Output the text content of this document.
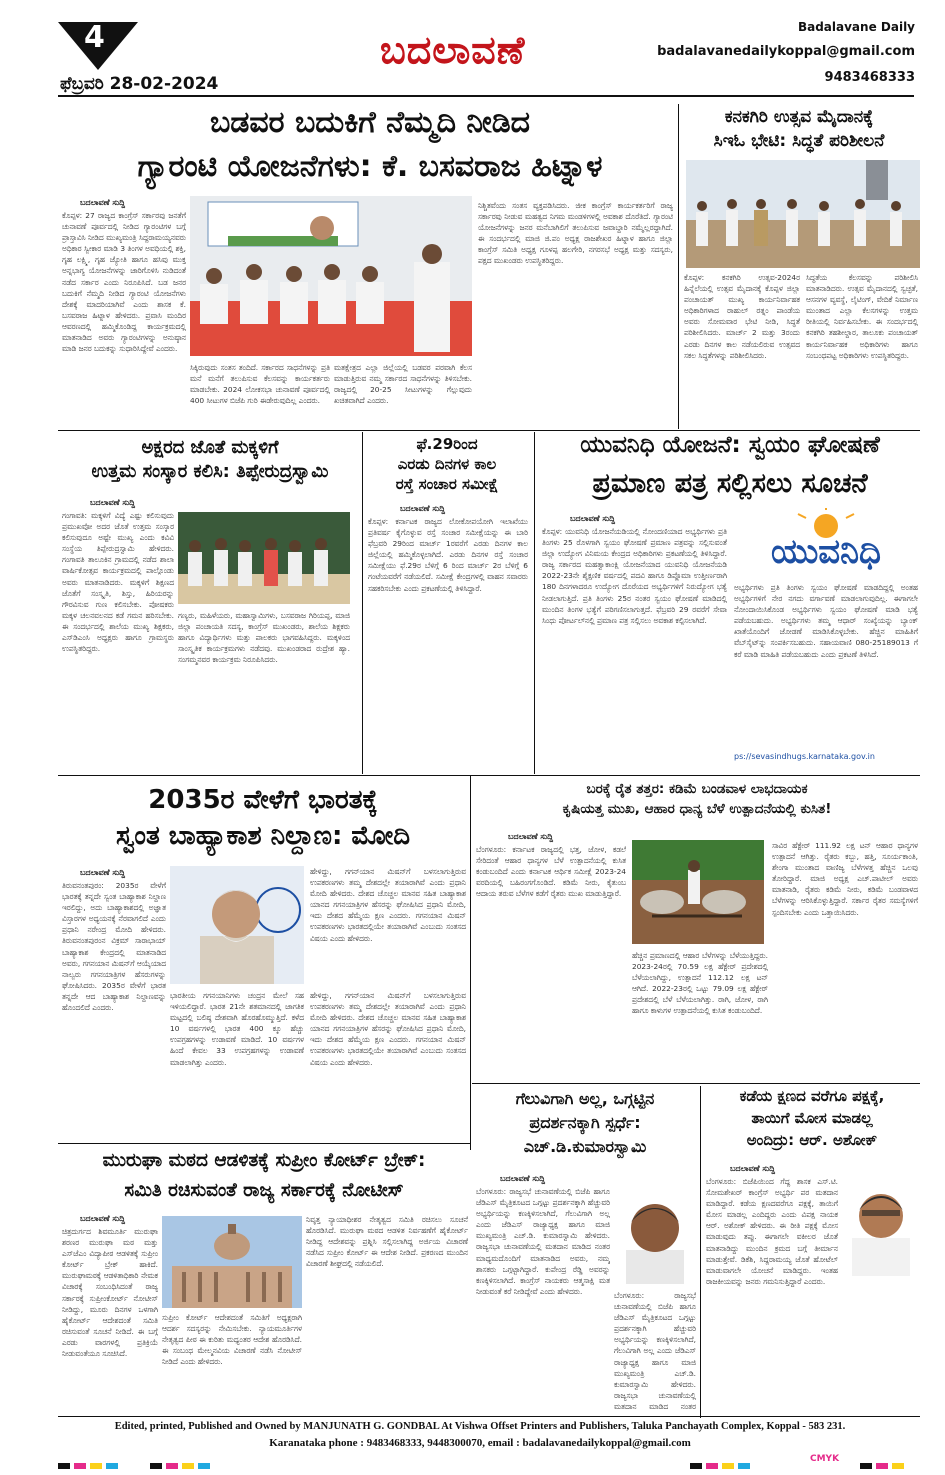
4	ಬದಲಾವಣೆ
ಫೆಬ್ರವರಿ 28-02-2024
Badalavane Daily
badalavanedailykoppal@gmail.com
9483468333
ಬಡವರ ಬದುಕಿಗೆ ನೆಮ್ಮದಿ ನೀಡಿದ
ಗ್ಯಾರಂಟಿ ಯೋಜನೆಗಳು: ಕೆ. ಬಸವರಾಜ ಹಿಟ್ನಾಳ
ಬದಲಾವಣೆ ಸುದ್ದಿ
ಕೊಪ್ಪಳ: 27 ರಾಜ್ಯದ ಕಾಂಗ್ರೆಸ್ ಸರ್ಕಾರವು ಜನತೆಗೆ ಚುನಾವಣೆ ಪೂರ್ವದಲ್ಲಿ ನೀಡಿದ ಗ್ಯಾರಂಟಿಗಳ ಬಗ್ಗೆ ಪ್ರಾಸ್ತಾವಿಸಿ ನೀಡಿದ ಮುಖ್ಯಮಂತ್ರಿ ಸಿದ್ದರಾಮಯ್ಯನವರು ಅಧಿಕಾರ ಸ್ವೀಕಾರ ಮಾಡಿ 3 ತಿಂಗಳ ಅವಧಿಯಲ್ಲಿ ಶಕ್ತಿ, ಗೃಹ ಲಕ್ಷ್ಮಿ, ಗೃಹ ಜ್ಯೋತಿ ಹಾಗೂ ಹಸಿವು ಮುಕ್ತ ಅನ್ನಭಾಗ್ಯ ಯೋಜನೆಗಳನ್ನು ಜಾರಿಗೊಳಿಸಿ ನುಡಿದಂತೆ ನಡೆದ ಸರ್ಕಾರ ಎಂದು ನಿರೂಪಿಸಿದೆ. ಬಡ ಜನರ ಬದುಕಿಗೆ ನೆಮ್ಮದಿ ನೀಡಿದ ಗ್ಯಾರಂಟಿ ಯೋಜನೆಗಳು ದೇಶಕ್ಕೆ ಮಾದರಿಯಾಗಿವೆ ಎಂದು ಶಾಸಕ ಕೆ. ಬಸವರಾಜ ಹಿಟ್ನಾಳ ಹೇಳಿದರು. ಪ್ರವಾಸಿ ಮಂದಿರ ಆವರಣದಲ್ಲಿ ಹಮ್ಮಿಕೊಂಡಿದ್ದ ಕಾರ್ಯಕ್ರಮದಲ್ಲಿ ಮಾತನಾಡಿದ ಅವರು ಗ್ಯಾರಂಟಿಗಳನ್ನು ಅನುಷ್ಠಾನ ಮಾಡಿ ಜನರ ಬದುಕನ್ನು ಸುಧಾರಿಸಿದ್ದೇವೆ ಎಂದರು.
ಸಿಕ್ಕಿರುವುದು ಸಂತಸ ತಂದಿದೆ. ಸರ್ಕಾರದ ಸಾಧನೆಗಳನ್ನು ಪ್ರತಿ ಮನೆ ಮನೆಗೆ ತಲುಪಿಸುವ ಕೆಲಸವನ್ನು ಕಾರ್ಯಕರ್ತರು ಮಾಡಬೇಕು. 2024 ಲೋಕಸಭಾ ಚುನಾವಣೆ ಪೂರ್ವದಲ್ಲಿ 400 ಸೀಟುಗಳ ಬಿಜೆಪಿ ಗುರಿ ಈಡೇರುವುದಿಲ್ಲ ಎಂದರು.
ಮತಕ್ಷೇತ್ರದ ಎಲ್ಲಾ ಜಿಲ್ಲೆಯಲ್ಲಿ ಬಡವರ ಪರವಾಗಿ ಕೆಲಸ ಮಾಡುತ್ತಿರುವ ನಮ್ಮ ಸರ್ಕಾರದ ಸಾಧನೆಗಳನ್ನು ತಿಳಿಸಬೇಕು. ರಾಜ್ಯದಲ್ಲಿ 20-25 ಸೀಟುಗಳನ್ನು ಗೆಲ್ಲುವುದು ಖಚಿತವಾಗಿದೆ ಎಂದರು.
ನಿಶ್ಚಿತವೆಂದು ಸಂತಸ ವ್ಯಕ್ತಪಡಿಸಿದರು. ಜೀಕ ಕಾಂಗ್ರೆಸ್ ಕಾರ್ಯಕರ್ತರಿಗೆ ರಾಜ್ಯ ಸರ್ಕಾರವು ನೀಡುವ ಮಹತ್ವದ ನಿಗಮ ಮಂಡಳಿಗಳಲ್ಲಿ ಅವಕಾಶ ದೊರೆತಿದೆ. ಗ್ಯಾರಂಟಿ ಯೋಜನೆಗಳನ್ನು ಜನರ ಮನೆಬಾಗಿಲಿಗೆ ತಲುಪಿಸುವ ಜವಾಬ್ದಾರಿ ನಮ್ಮೆಲ್ಲರದ್ದಾಗಿದೆ. ಈ ಸಂದರ್ಭದಲ್ಲಿ ಮಾಜಿ ಜಿ.ಪಂ ಅಧ್ಯಕ್ಷ ರಾಜಶೇಖರ ಹಿಟ್ನಾಳ ಹಾಗೂ ಜಿಲ್ಲಾ ಕಾಂಗ್ರೆಸ್ ಸಮಿತಿ ಅಧ್ಯಕ್ಷ ಗೂಳಪ್ಪ ಹಲಗೇರಿ, ನಗರಸಭೆ ಅಧ್ಯಕ್ಷ ಮತ್ತು ಸದಸ್ಯರು, ಪಕ್ಷದ ಮುಖಂಡರು ಉಪಸ್ಥಿತರಿದ್ದರು.
ಕನಕಗಿರಿ ಉತ್ಸವ ಮೈದಾನಕ್ಕೆ
ಸಿಇಓ ಭೇಟಿ: ಸಿದ್ಧತೆ ಪರಿಶೀಲನೆ
ಕೊಪ್ಪಳ: ಕನಕಗಿರಿ ಉತ್ಸವ-2024ರ ಹಿನ್ನೆಲೆಯಲ್ಲಿ ಉತ್ಸವ ಮೈದಾನಕ್ಕೆ ಕೊಪ್ಪಳ ಜಿಲ್ಲಾ ಪಂಚಾಯತ್ ಮುಖ್ಯ ಕಾರ್ಯನಿರ್ವಾಹಕ ಅಧಿಕಾರಿಗಳಾದ ರಾಹುಲ್ ರತ್ನಂ ಪಾಂಡೆಯ ಅವರು ಸೋಮವಾರ ಭೇಟಿ ನೀಡಿ, ಸಿದ್ಧತೆ ಪರಿಶೀಲಿಸಿದರು. ಮಾರ್ಚ್ 2 ಮತ್ತು 3ರಂದು ಎರಡು ದಿನಗಳ ಕಾಲ ನಡೆಯಲಿರುವ ಉತ್ಸವದ ಸಕಲ ಸಿದ್ಧತೆಗಳನ್ನು ಪರಿಶೀಲಿಸಿದರು.
ಸಿದ್ಧತೆಯ ಕೆಲಸವನ್ನು ಪರಿಶೀಲಿಸಿ ಮಾತನಾಡಿದರು. ಉತ್ಸವ ಮೈದಾನದಲ್ಲಿ ಸ್ವಚ್ಛತೆ, ಆಸನಗಳ ವ್ಯವಸ್ಥೆ, ಲೈಟಿಂಗ್, ವೇದಿಕೆ ನಿರ್ಮಾಣ ಮುಂತಾದ ಎಲ್ಲಾ ಕೆಲಸಗಳನ್ನು ಉತ್ತಮ ರೀತಿಯಲ್ಲಿ ನಿರ್ವಹಿಸಬೇಕು. ಈ ಸಂದರ್ಭದಲ್ಲಿ ಕನಕಗಿರಿ ತಹಶೀಲ್ದಾರ, ತಾಲೂಕು ಪಂಚಾಯತ್ ಕಾರ್ಯನಿರ್ವಾಹಕ ಅಧಿಕಾರಿಗಳು ಹಾಗೂ ಸಂಬಂಧಪಟ್ಟ ಅಧಿಕಾರಿಗಳು ಉಪಸ್ಥಿತರಿದ್ದರು.
ಅಕ್ಷರದ ಜೊತೆ ಮಕ್ಕಳಿಗೆ
ಉತ್ತಮ ಸಂಸ್ಕಾರ ಕಲಿಸಿ: ತಿಪ್ಪೇರುದ್ರಸ್ವಾಮಿ
ಬದಲಾವಣೆ ಸುದ್ದಿ
ಗಂಗಾವತಿ: ಮಕ್ಕಳಿಗೆ ವಿದ್ಯೆ ಎಷ್ಟು ಕಲಿಸುವುದು ಪ್ರಮುಖವೋ ಅದರ ಜೊತೆ ಉತ್ತಮ ಸಂಸ್ಕಾರ ಕಲಿಸುವುದೂ ಅಷ್ಟೇ ಮುಖ್ಯ ಎಂದು ಕವಿವಿ ಸಂಸ್ಥೆಯ ತಿಪ್ಪೇರುದ್ರಸ್ವಾಮಿ ಹೇಳಿದರು. ಗಂಗಾವತಿ ತಾಲೂಕಿನ ಗ್ರಾಮದಲ್ಲಿ ನಡೆದ ಶಾಲಾ ವಾರ್ಷಿಕೋತ್ಸವ ಕಾರ್ಯಕ್ರಮದಲ್ಲಿ ಪಾಲ್ಗೊಂಡು ಅವರು ಮಾತನಾಡಿದರು. ಮಕ್ಕಳಿಗೆ ಶಿಕ್ಷಣದ ಜೊತೆಗೆ ಸಂಸ್ಕೃತಿ, ಶಿಸ್ತು, ಹಿರಿಯರನ್ನು ಗೌರವಿಸುವ ಗುಣ ಕಲಿಸಬೇಕು. ಪೋಷಕರು ಮಕ್ಕಳ ಚಲನವಲನದ ಕಡೆ ಗಮನ ಹರಿಸಬೇಕು. ಈ ಸಂದರ್ಭದಲ್ಲಿ ಶಾಲೆಯ ಮುಖ್ಯ ಶಿಕ್ಷಕರು, ಎಸ್‌ಡಿಎಂಸಿ ಅಧ್ಯಕ್ಷರು ಹಾಗೂ ಗ್ರಾಮಸ್ಥರು ಉಪಸ್ಥಿತರಿದ್ದರು.
ಗಣ್ಯರು, ಮಹಿಳೆಯರು, ಮಹಾಸ್ವಾಮಿಗಳು, ಬಸವರಾಜ ಗಿರಿಯಪ್ಪ, ಮಾಜಿ ಜಿಲ್ಲಾ ಪಂಚಾಯತಿ ಸದಸ್ಯ, ಕಾಂಗ್ರೆಸ್ ಮುಖಂಡರು, ಶಾಲೆಯ ಶಿಕ್ಷಕರು ಹಾಗೂ ವಿದ್ಯಾರ್ಥಿಗಳು ಮತ್ತು ಪಾಲಕರು ಭಾಗವಹಿಸಿದ್ದರು. ಮಕ್ಕಳಿಂದ ಸಾಂಸ್ಕೃತಿಕ ಕಾರ್ಯಕ್ರಮಗಳು ನಡೆದವು. ಮುಖಂಡರಾದ ರುದ್ರೇಶ ಹ್ಯಾ. ಸಂಗಮ್ಮನವರ ಕಾರ್ಯಕ್ರಮ ನಿರೂಪಿಸಿದರು.
ಫೆ.29ರಿಂದ
ಎರಡು ದಿನಗಳ ಕಾಲ
ರಸ್ತೆ ಸಂಚಾರ ಸಮೀಕ್ಷೆ
ಬದಲಾವಣೆ ಸುದ್ದಿ
ಕೊಪ್ಪಳ: ಕರ್ನಾಟಕ ರಾಜ್ಯದ ಲೋಕೋಪಯೋಗಿ ಇಲಾಖೆಯು ಪ್ರತಿವರ್ಷ ಕೈಗೊಳ್ಳುವ ರಸ್ತೆ ಸಂಚಾರ ಸಮೀಕ್ಷೆಯನ್ನು ಈ ಬಾರಿ ಫೆಬ್ರವರಿ 29ರಿಂದ ಮಾರ್ಚ್ 1ರವರೆಗೆ ಎರಡು ದಿನಗಳ ಕಾಲ ಜಿಲ್ಲೆಯಲ್ಲಿ ಹಮ್ಮಿಕೊಳ್ಳಲಾಗಿದೆ. ಎರಡು ದಿನಗಳ ರಸ್ತೆ ಸಂಚಾರ ಸಮೀಕ್ಷೆಯು ಫೆ.29ರ ಬೆಳಿಗ್ಗೆ 6 ರಿಂದ ಮಾರ್ಚ್ 2ರ ಬೆಳಿಗ್ಗೆ 6 ಗಂಟೆಯವರೆಗೆ ನಡೆಯಲಿದೆ. ಸಮೀಕ್ಷೆ ಕೇಂದ್ರಗಳಲ್ಲಿ ವಾಹನ ಸವಾರರು ಸಹಕರಿಸಬೇಕು ಎಂದು ಪ್ರಕಟಣೆಯಲ್ಲಿ ತಿಳಿಸಿದ್ದಾರೆ.
ಯುವನಿಧಿ ಯೋಜನೆ: ಸ್ವಯಂ ಘೋಷಣೆ
ಪ್ರಮಾಣ ಪತ್ರ ಸಲ್ಲಿಸಲು ಸೂಚನೆ
ಬದಲಾವಣೆ ಸುದ್ದಿ
ಕೊಪ್ಪಳ: ಯುವನಿಧಿ ಯೋಜನೆಯಡಿಯಲ್ಲಿ ನೋಂದಣಿಯಾದ ಅಭ್ಯರ್ಥಿಗಳು ಪ್ರತಿ ತಿಂಗಳು 25 ರೊಳಗಾಗಿ ಸ್ವಯಂ ಘೋಷಣೆ ಪ್ರಮಾಣ ಪತ್ರವನ್ನು ಸಲ್ಲಿಸುವಂತೆ ಜಿಲ್ಲಾ ಉದ್ಯೋಗ ವಿನಿಮಯ ಕೇಂದ್ರದ ಅಧಿಕಾರಿಗಳು ಪ್ರಕಟಣೆಯಲ್ಲಿ ತಿಳಿಸಿದ್ದಾರೆ. ರಾಜ್ಯ ಸರ್ಕಾರದ ಮಹತ್ವಾಕಾಂಕ್ಷಿ ಯೋಜನೆಯಾದ ಯುವನಿಧಿ ಯೋಜನೆಯಡಿ 2022-23ನೇ ಶೈಕ್ಷಣಿಕ ವರ್ಷದಲ್ಲಿ ಪದವಿ ಹಾಗೂ ಡಿಪ್ಲೊಮಾ ಉತ್ತೀರ್ಣರಾಗಿ 180 ದಿನಗಳಾದರೂ ಉದ್ಯೋಗ ದೊರೆಯದ ಅಭ್ಯರ್ಥಿಗಳಿಗೆ ನಿರುದ್ಯೋಗ ಭತ್ಯೆ ನೀಡಲಾಗುತ್ತಿದೆ. ಪ್ರತಿ ತಿಂಗಳು 25ರ ನಂತರ ಸ್ವಯಂ ಘೋಷಣೆ ಮಾಡಿದಲ್ಲಿ ಮುಂದಿನ ತಿಂಗಳ ಭತ್ಯೆಗೆ ಪರಿಗಣಿಸಲಾಗುತ್ತದೆ. ಫೆಬ್ರವರಿ 29 ರವರೆಗೆ ಸೇವಾ ಸಿಂಧು ಪೋರ್ಟಲ್‌ನಲ್ಲಿ ಪ್ರಮಾಣ ಪತ್ರ ಸಲ್ಲಿಸಲು ಅವಕಾಶ ಕಲ್ಪಿಸಲಾಗಿದೆ.
ಯುವನಿಧಿ
ಅಭ್ಯರ್ಥಿಗಳು ಪ್ರತಿ ತಿಂಗಳು ಸ್ವಯಂ ಘೋಷಣೆ ಮಾಡದಿದ್ದಲ್ಲಿ ಅಂತಹ ಅಭ್ಯರ್ಥಿಗಳಿಗೆ ನೇರ ನಗದು ವರ್ಗಾವಣೆ ಮಾಡಲಾಗುವುದಿಲ್ಲ. ಈಗಾಗಲೇ ನೋಂದಾಯಿಸಿಕೊಂಡ ಅಭ್ಯರ್ಥಿಗಳು ಸ್ವಯಂ ಘೋಷಣೆ ಮಾಡಿ ಭತ್ಯೆ ಪಡೆಯಬಹುದು. ಅಭ್ಯರ್ಥಿಗಳು ತಮ್ಮ ಆಧಾರ್ ಸಂಖ್ಯೆಯನ್ನು ಬ್ಯಾಂಕ್ ಖಾತೆಯೊಂದಿಗೆ ಜೋಡಣೆ ಮಾಡಿಸಿಕೊಳ್ಳಬೇಕು. ಹೆಚ್ಚಿನ ಮಾಹಿತಿಗೆ ವೆಬ್‌ಸೈಟ್‌ನ್ನು ಸಂಪರ್ಕಿಸಬಹುದು. ಸಹಾಯವಾಣಿ 080-25189013 ಗೆ ಕರೆ ಮಾಡಿ ಮಾಹಿತಿ ಪಡೆಯಬಹುದು ಎಂದು ಪ್ರಕಟಣೆ ತಿಳಿಸಿದೆ.
ps://sevasindhugs.karnataka.gov.in
2035ರ ವೇಳೆಗೆ ಭಾರತಕ್ಕೆ
ಸ್ವಂತ ಬಾಹ್ಯಾಕಾಶ ನಿಲ್ದಾಣ: ಮೋದಿ
ಬದಲಾವಣೆ ಸುದ್ದಿ
ತಿರುವನಂತಪುರಂ: 2035ರ ವೇಳೆಗೆ ಭಾರತಕ್ಕೆ ತನ್ನದೇ ಸ್ವಂತ ಬಾಹ್ಯಾಕಾಶ ನಿಲ್ದಾಣ ಇರಲಿದ್ದು, ಅದು ಬಾಹ್ಯಾಕಾಶದಲ್ಲಿ ಅಜ್ಞಾತ ವಿಸ್ತಾರಗಳ ಅಧ್ಯಯನಕ್ಕೆ ನೆರವಾಗಲಿದೆ ಎಂದು ಪ್ರಧಾನಿ ನರೇಂದ್ರ ಮೋದಿ ಹೇಳಿದರು. ತಿರುವನಂತಪುರಂನ ವಿಕ್ರಮ್ ಸಾರಾಭಾಯ್ ಬಾಹ್ಯಾಕಾಶ ಕೇಂದ್ರದಲ್ಲಿ ಮಾತನಾಡಿದ ಅವರು, ಗಗನಯಾನ ಮಿಷನ್‌ಗೆ ಆಯ್ಕೆಯಾದ ನಾಲ್ವರು ಗಗನಯಾತ್ರಿಗಳ ಹೆಸರುಗಳನ್ನು ಘೋಷಿಸಿದರು. 2035ರ ವೇಳೆಗೆ ಭಾರತ ತನ್ನದೇ ಆದ ಬಾಹ್ಯಾಕಾಶ ನಿಲ್ದಾಣವನ್ನು ಹೊಂದಲಿದೆ ಎಂದರು.
ಹೇಳಿದ್ದು, ಗಗನ್‌ಯಾನ ಮಿಷನ್‌ಗೆ ಬಳಸಲಾಗುತ್ತಿರುವ ಉಪಕರಣಗಳು ತಮ್ಮ ದೇಶದಲ್ಲೇ ತಯಾರಾಗಿವೆ ಎಂದು ಪ್ರಧಾನಿ ಮೋದಿ ಹೇಳಿದರು. ದೇಶದ ಚೊಚ್ಚಲ ಮಾನವ ಸಹಿತ ಬಾಹ್ಯಾಕಾಶ ಯಾನದ ಗಗನಯಾತ್ರಿಗಳ ಹೆಸರನ್ನು ಘೋಷಿಸಿದ ಪ್ರಧಾನಿ ಮೋದಿ, ಇದು ದೇಶದ ಹೆಮ್ಮೆಯ ಕ್ಷಣ ಎಂದರು. ಗಗನಯಾನ ಮಿಷನ್ ಉಪಕರಣಗಳು ಭಾರತದಲ್ಲಿಯೇ ತಯಾರಾಗಿವೆ ಎಂಬುದು ಸಂತಸದ ವಿಷಯ ಎಂದು ಹೇಳಿದರು.
ಭಾರತೀಯ ಗಗನಯಾನಿಗಳು ಚಂದ್ರನ ಮೇಲೆ ಸಹ ಇಳಿಯಲಿದ್ದಾರೆ. ಭಾರತ 21ನೇ ಶತಮಾನದಲ್ಲಿ ಜಾಗತಿಕ ಮಟ್ಟದಲ್ಲಿ ಬಲಿಷ್ಠ ದೇಶವಾಗಿ ಹೊರಹೊಮ್ಮುತ್ತಿದೆ. ಕಳೆದ 10 ವರ್ಷಗಳಲ್ಲಿ ಭಾರತ 400 ಕ್ಕೂ ಹೆಚ್ಚು ಉಪಗ್ರಹಗಳನ್ನು ಉಡಾವಣೆ ಮಾಡಿದೆ. 10 ವರ್ಷಗಳ ಹಿಂದೆ ಕೇವಲ 33 ಉಪಗ್ರಹಗಳನ್ನು ಉಡಾವಣೆ ಮಾಡಲಾಗಿತ್ತು ಎಂದರು.
ಹೇಳಿದ್ದು, ಗಗನ್‌ಯಾನ ಮಿಷನ್‌ಗೆ ಬಳಸಲಾಗುತ್ತಿರುವ ಉಪಕರಣಗಳು ತಮ್ಮ ದೇಶದಲ್ಲೇ ತಯಾರಾಗಿವೆ ಎಂದು ಪ್ರಧಾನಿ ಮೋದಿ ಹೇಳಿದರು. ದೇಶದ ಚೊಚ್ಚಲ ಮಾನವ ಸಹಿತ ಬಾಹ್ಯಾಕಾಶ ಯಾನದ ಗಗನಯಾತ್ರಿಗಳ ಹೆಸರನ್ನು ಘೋಷಿಸಿದ ಪ್ರಧಾನಿ ಮೋದಿ, ಇದು ದೇಶದ ಹೆಮ್ಮೆಯ ಕ್ಷಣ ಎಂದರು. ಗಗನಯಾನ ಮಿಷನ್ ಉಪಕರಣಗಳು ಭಾರತದಲ್ಲಿಯೇ ತಯಾರಾಗಿವೆ ಎಂಬುದು ಸಂತಸದ ವಿಷಯ ಎಂದು ಹೇಳಿದರು.
ಬರಕ್ಕೆ ರೈತ ತತ್ತರ: ಕಡಿಮೆ ಬಂಡವಾಳ ಲಾಭದಾಯಕ
ಕೃಷಿಯತ್ತ ಮುಖ, ಆಹಾರ ಧಾನ್ಯ ಬೆಳೆ ಉತ್ಪಾದನೆಯಲ್ಲಿ ಕುಸಿತ!
ಬದಲಾವಣೆ ಸುದ್ದಿ
ಬೆಂಗಳೂರು: ಕರ್ನಾಟಕ ರಾಜ್ಯದಲ್ಲಿ ಭತ್ತ, ಜೋಳ, ಕಡಲೆ ಸೇರಿದಂತೆ ಆಹಾರ ಧಾನ್ಯಗಳ ಬೆಳೆ ಉತ್ಪಾದನೆಯಲ್ಲಿ ಕುಸಿತ ಕಂಡುಬಂದಿದೆ ಎಂದು ಕರ್ನಾಟಕ ಆರ್ಥಿಕ ಸಮೀಕ್ಷೆ 2023-24 ವರದಿಯಲ್ಲಿ ಬಹಿರಂಗಗೊಂಡಿದೆ. ಕಡಿಮೆ ನೀರು, ಕೈತುಂಬ ಆದಾಯ ತರುವ ಬೆಳೆಗಳ ಕಡೆಗೆ ರೈತರು ಮುಖ ಮಾಡುತ್ತಿದ್ದಾರೆ.
ಹೆಚ್ಚಿನ ಪ್ರಮಾಣದಲ್ಲಿ ಆಹಾರ ಬೆಳೆಗಳನ್ನು ಬೆಳೆಯುತ್ತಿದ್ದರು. 2023-24ರಲ್ಲಿ 70.59 ಲಕ್ಷ ಹೆಕ್ಟೇರ್ ಪ್ರದೇಶದಲ್ಲಿ ಬೆಳೆಯಲಾಗಿದ್ದು, ಉತ್ಪಾದನೆ 112.12 ಲಕ್ಷ ಟನ್ ಆಗಿದೆ. 2022-23ರಲ್ಲಿ ಒಟ್ಟು 79.09 ಲಕ್ಷ ಹೆಕ್ಟೇರ್ ಪ್ರದೇಶದಲ್ಲಿ ಬೆಳೆ ಬೆಳೆಯಲಾಗಿತ್ತು. ರಾಗಿ, ಜೋಳ, ರಾಗಿ ಹಾಗೂ ಕಾಳುಗಳ ಉತ್ಪಾದನೆಯಲ್ಲಿ ಕುಸಿತ ಕಂಡುಬಂದಿದೆ.
ಸಾವಿರ ಹೆಕ್ಟೇರ್ 111.92 ಲಕ್ಷ ಟನ್ ಆಹಾರ ಧಾನ್ಯಗಳ ಉತ್ಪಾದನೆ ಆಗಿತ್ತು. ರೈತರು ಕಬ್ಬು, ಹತ್ತಿ, ಸೂರ್ಯಕಾಂತಿ, ಶೇಂಗಾ ಮುಂತಾದ ವಾಣಿಜ್ಯ ಬೆಳೆಗಳತ್ತ ಹೆಚ್ಚಿನ ಒಲವು ತೋರಿದ್ದಾರೆ. ಮಾಜಿ ಅಧ್ಯಕ್ಷ ಎಚ್.ಪಾಟೀಲ್ ಅವರು ಮಾತನಾಡಿ, ರೈತರು ಕಡಿಮೆ ನೀರು, ಕಡಿಮೆ ಬಂಡವಾಳದ ಬೆಳೆಗಳನ್ನು ಆರಿಸಿಕೊಳ್ಳುತ್ತಿದ್ದಾರೆ. ಸರ್ಕಾರ ರೈತರ ಸಮಸ್ಯೆಗಳಿಗೆ ಸ್ಪಂದಿಸಬೇಕು ಎಂದು ಒತ್ತಾಯಿಸಿದರು.
ಗೆಲುವಿಗಾಗಿ ಅಲ್ಲ, ಒಗ್ಗಟ್ಟಿನ
ಪ್ರದರ್ಶನಕ್ಕಾಗಿ ಸ್ಪರ್ಧೆ:
ಎಚ್.ಡಿ.ಕುಮಾರಸ್ವಾಮಿ
ಬದಲಾವಣೆ ಸುದ್ದಿ
ಬೆಂಗಳೂರು: ರಾಜ್ಯಸಭೆ ಚುನಾವಣೆಯಲ್ಲಿ ಬಿಜೆಪಿ ಹಾಗೂ ಜೆಡಿಎಸ್ ಮೈತ್ರಿಕೂಟದ ಒಗ್ಗಟ್ಟು ಪ್ರದರ್ಶನಕ್ಕಾಗಿ ಹೆಚ್ಚುವರಿ ಅಭ್ಯರ್ಥಿಯನ್ನು ಕಣಕ್ಕಿಳಿಸಲಾಗಿದೆ, ಗೆಲುವಿಗಾಗಿ ಅಲ್ಲ ಎಂದು ಜೆಡಿಎಸ್ ರಾಜ್ಯಾಧ್ಯಕ್ಷ ಹಾಗೂ ಮಾಜಿ ಮುಖ್ಯಮಂತ್ರಿ ಎಚ್.ಡಿ. ಕುಮಾರಸ್ವಾಮಿ ಹೇಳಿದರು. ರಾಜ್ಯಸಭಾ ಚುನಾವಣೆಯಲ್ಲಿ ಮತದಾನ ಮಾಡಿದ ನಂತರ ಮಾಧ್ಯಮದೊಂದಿಗೆ ಮಾತನಾಡಿದ ಅವರು, ನಮ್ಮ ಶಾಸಕರು ಒಗ್ಗಟ್ಟಾಗಿದ್ದಾರೆ. ಕುಪೇಂದ್ರ ರೆಡ್ಡಿ ಅವರನ್ನು ಕಣಕ್ಕಿಳಿಸಲಾಗಿದೆ. ಕಾಂಗ್ರೆಸ್ ನಾಯಕರು ಆತ್ಮಸಾಕ್ಷಿ ಮತ ನೀಡುವಂತೆ ಕರೆ ನೀಡಿದ್ದೇವೆ ಎಂದು ಹೇಳಿದರು.	ಬೆಂಗಳೂರು: ರಾಜ್ಯಸಭೆ ಚುನಾವಣೆಯಲ್ಲಿ ಬಿಜೆಪಿ ಹಾಗೂ ಜೆಡಿಎಸ್ ಮೈತ್ರಿಕೂಟದ ಒಗ್ಗಟ್ಟು ಪ್ರದರ್ಶನಕ್ಕಾಗಿ ಹೆಚ್ಚುವರಿ ಅಭ್ಯರ್ಥಿಯನ್ನು ಕಣಕ್ಕಿಳಿಸಲಾಗಿದೆ, ಗೆಲುವಿಗಾಗಿ ಅಲ್ಲ ಎಂದು ಜೆಡಿಎಸ್ ರಾಜ್ಯಾಧ್ಯಕ್ಷ ಹಾಗೂ ಮಾಜಿ ಮುಖ್ಯಮಂತ್ರಿ ಎಚ್.ಡಿ. ಕುಮಾರಸ್ವಾಮಿ ಹೇಳಿದರು. ರಾಜ್ಯಸಭಾ ಚುನಾವಣೆಯಲ್ಲಿ ಮತದಾನ ಮಾಡಿದ ನಂತರ
ಕಡೆಯ ಕ್ಷಣದ ವರೆಗೂ ಪಕ್ಷಕ್ಕೆ,
ತಾಯಿಗೆ ಮೋಸ ಮಾಡಲ್ಲ
ಅಂದಿದ್ರು: ಆರ್. ಅಶೋಕ್
ಬದಲಾವಣೆ ಸುದ್ದಿ
ಬೆಂಗಳೂರು: ಬಿಜೆಪಿಯಿಂದ ಗೆದ್ದ ಶಾಸಕ ಎಸ್.ಟಿ. ಸೋಮಶೇಖರ್ ಕಾಂಗ್ರೆಸ್ ಅಭ್ಯರ್ಥಿ ಪರ ಮತದಾನ ಮಾಡಿದ್ದಾರೆ. ಕಡೆಯ ಕ್ಷಣದವರೆಗೂ ಪಕ್ಷಕ್ಕೆ, ತಾಯಿಗೆ ಮೋಸ ಮಾಡಲ್ಲ ಎಂದಿದ್ದರು ಎಂದು ವಿಪಕ್ಷ ನಾಯಕ ಆರ್. ಅಶೋಕ್ ಹೇಳಿದರು. ಈ ರೀತಿ ಪಕ್ಷಕ್ಕೆ ಮೋಸ ಮಾಡುವುದು ತಪ್ಪು. ಈಗಾಗಲೇ ವಕೀಲರ ಜೊತೆ ಮಾತನಾಡಿದ್ದು ಮುಂದಿನ ಕ್ರಮದ ಬಗ್ಗೆ ತೀರ್ಮಾನ ಮಾಡುತ್ತೇವೆ. ಡಿಕೆಶಿ, ಸಿದ್ದರಾಮಯ್ಯ ಜೊತೆ ಹೋಟೆಲ್ ಮಾಡುವಾಗಲೇ ಯೋಚನೆ ಮಾಡಿದ್ದರು. ಇಂತಹ ರಾಜಕೀಯವನ್ನು ಜನರು ಗಮನಿಸುತ್ತಿದ್ದಾರೆ ಎಂದರು.
ಮುರುಘಾ ಮಠದ ಆಡಳಿತಕ್ಕೆ ಸುಪ್ರೀಂ ಕೋರ್ಟ್ ಬ್ರೇಕ್:
ಸಮಿತಿ ರಚಿಸುವಂತೆ ರಾಜ್ಯ ಸರ್ಕಾರಕ್ಕೆ ನೋಟೀಸ್
ಬದಲಾವಣೆ ಸುದ್ದಿ
ಚಿತ್ರದುರ್ಗದ ಶಿವಮೂರ್ತಿ ಮುರುಘಾ ಶರಣರ ಮುರುಘಾ ಮಠ ಮತ್ತು ಎಸ್‌ಜೆಎಂ ವಿದ್ಯಾಪೀಠ ಆಡಳಿತಕ್ಕೆ ಸುಪ್ರೀಂ ಕೋರ್ಟ್ ಬ್ರೇಕ್ ಹಾಕಿದೆ. ಮುರುಘಾಮಠಕ್ಕೆ ಆಡಳಿತಾಧಿಕಾರಿ ನೇಮಕ ವಿಚಾರಕ್ಕೆ ಸಂಬಂಧಿಸಿದಂತೆ ರಾಜ್ಯ ಸರ್ಕಾರಕ್ಕೆ ಸುಪ್ರೀಂಕೋರ್ಟ್ ನೋಟೀಸ್ ನೀಡಿದ್ದು, ಮೂರು ದಿನಗಳ ಒಳಗಾಗಿ ಹೈಕೋರ್ಟ್ ಆದೇಶದಂತೆ ಸಮಿತಿ ರಚಿಸುವಂತೆ ಸೂಚನೆ ನೀಡಿದೆ. ಈ ಬಗ್ಗೆ ಎರಡು ವಾರಗಳಲ್ಲಿ ಪ್ರತಿಕ್ರಿಯೆ ನೀಡುವಂತೆಯೂ ಸೂಚಿಸಿದೆ.
ಸುಪ್ರೀಂ ಕೋರ್ಟ್ ಆದೇಶದಂತೆ ಸಮಿತಿಗೆ ಅಧ್ಯಕ್ಷರಾಗಿ ಆದರ್ಶ ಸದಸ್ಯರನ್ನು ನೇಮಿಸಬೇಕು. ನ್ಯಾಯಮೂರ್ತಿಗಳ ನೇತೃತ್ವದ ಪೀಠ ಈ ಕುರಿತು ಮಧ್ಯಂತರ ಆದೇಶ ಹೊರಡಿಸಿದೆ. ಈ ಸಂಬಂಧ ಮೇಲ್ಮನವಿಯ ವಿಚಾರಣೆ ನಡೆಸಿ ನೋಟೀಸ್ ನೀಡಿದೆ ಎಂದು ಹೇಳಿದರು.
ನಿವೃತ್ತ ನ್ಯಾಯಾಧೀಶರ ನೇತೃತ್ವದ ಸಮಿತಿ ರಚಿಸಲು ಸೂಚನೆ ಹೊರಡಿಸಿದೆ. ಮುರುಘಾ ಮಠದ ಆಡಳಿತ ನಿರ್ವಹಣೆಗೆ ಹೈಕೋರ್ಟ್ ನೀಡಿದ್ದ ಆದೇಶವನ್ನು ಪ್ರಶ್ನಿಸಿ ಸಲ್ಲಿಸಲಾಗಿದ್ದ ಅರ್ಜಿಯ ವಿಚಾರಣೆ ನಡೆಸಿದ ಸುಪ್ರೀಂ ಕೋರ್ಟ್ ಈ ಆದೇಶ ನೀಡಿದೆ. ಪ್ರಕರಣದ ಮುಂದಿನ ವಿಚಾರಣೆ ಶೀಘ್ರದಲ್ಲಿ ನಡೆಯಲಿದೆ.
Edited, printed, Published and Owned by MANJUNATH G. GONDBAL At Vishwa Offset Printers and Publishers, Taluka Panchayath Complex, Koppal - 583 231.
Karanataka phone : 9483468333, 9448300070, email : badalavanedailykoppal@gmail.com
CMYK
